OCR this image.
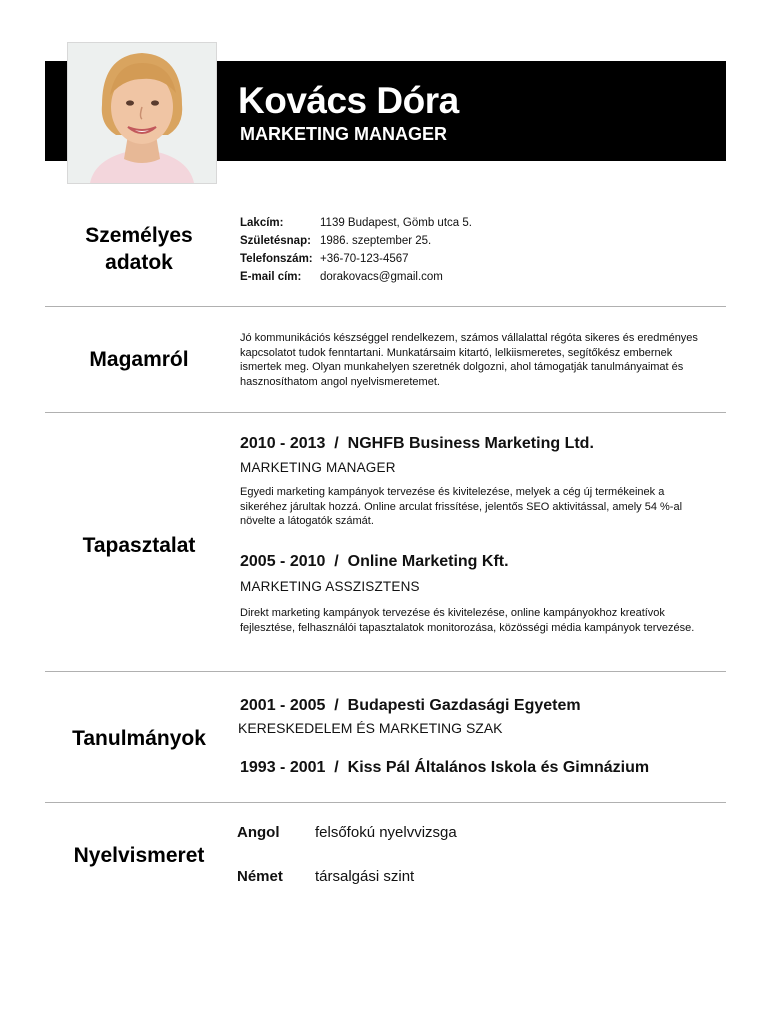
Kovács Dóra
MARKETING MANAGER
Személyes
adatok
Lakcím:	1139 Budapest, Gömb utca 5.
Születésnap:	1986. szeptember 25.
Telefonszám:	+36-70-123-4567
E-mail cím:	dorakovacs@gmail.com
Magamról

Jó kommunikációs készséggel rendelkezem, számos vállalattal régóta sikeres és eredményes kapcsolatot tudok fenntartani. Munkatársaim kitartó, lelkiismeretes, segítőkész embernek ismertek meg. Olyan munkahelyen szeretnék dolgozni, ahol támogatják tanulmányaimat és hasznosíthatom angol nyelvismeretemet.

Tapasztalat
2010 - 2013  /  NGHFB Business Marketing Ltd.
MARKETING MANAGER

Egyedi marketing kampányok tervezése és kivitelezése, melyek a cég új termékeinek a sikeréhez járultak hozzá. Online arculat frissítése, jelentős SEO aktivitással, amely 54 %-al növelte a látogatók számát.

2005 - 2010  /  Online Marketing Kft.
MARKETING ASSZISZTENS

Direkt marketing kampányok tervezése és kivitelezése, online kampányokhoz kreatívok fejlesztése, felhasználói tapasztalatok monitorozása, közösségi média kampányok tervezése.

Tanulmányok
2001 - 2005  /  Budapesti Gazdasági Egyetem
KERESKEDELEM ÉS MARKETING SZAK
1993 - 2001  /  Kiss Pál Általános Iskola és Gimnázium
Nyelvismeret
Angol felsőfokú nyelvvizsga
Német társalgási szint
